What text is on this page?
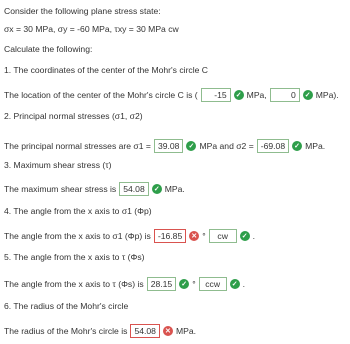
Consider the following plane stress state:
σx = 30 MPa, σy = -60 MPa, τxy = 30 MPa cw
Calculate the following:
1. The coordinates of the center of the Mohr's circle C
The location of the center of the Mohr's circle C is (	-15	✓ MPa,	0	✓ MPa).
2. Principal normal stresses (σ1, σ2)
The principal normal stresses are σ1 = 39.08	✓ MPa and σ2 = -69.08	✓ MPa.
3. Maximum shear stress (τ)
The maximum shear stress is 54.08	✓ MPa.
4. The angle from the x axis to σ1 (Φp)
The angle from the x axis to σ1 (Φp) is -16.85	✕ °	cw	✓ .
5. The angle from the x axis to τ (Φs)
The angle from the x axis to τ (Φs) is 28.15	✓ °	ccw	✓ .
6. The radius of the Mohr's circle
The radius of the Mohr's circle is 54.08	✕ MPa.
